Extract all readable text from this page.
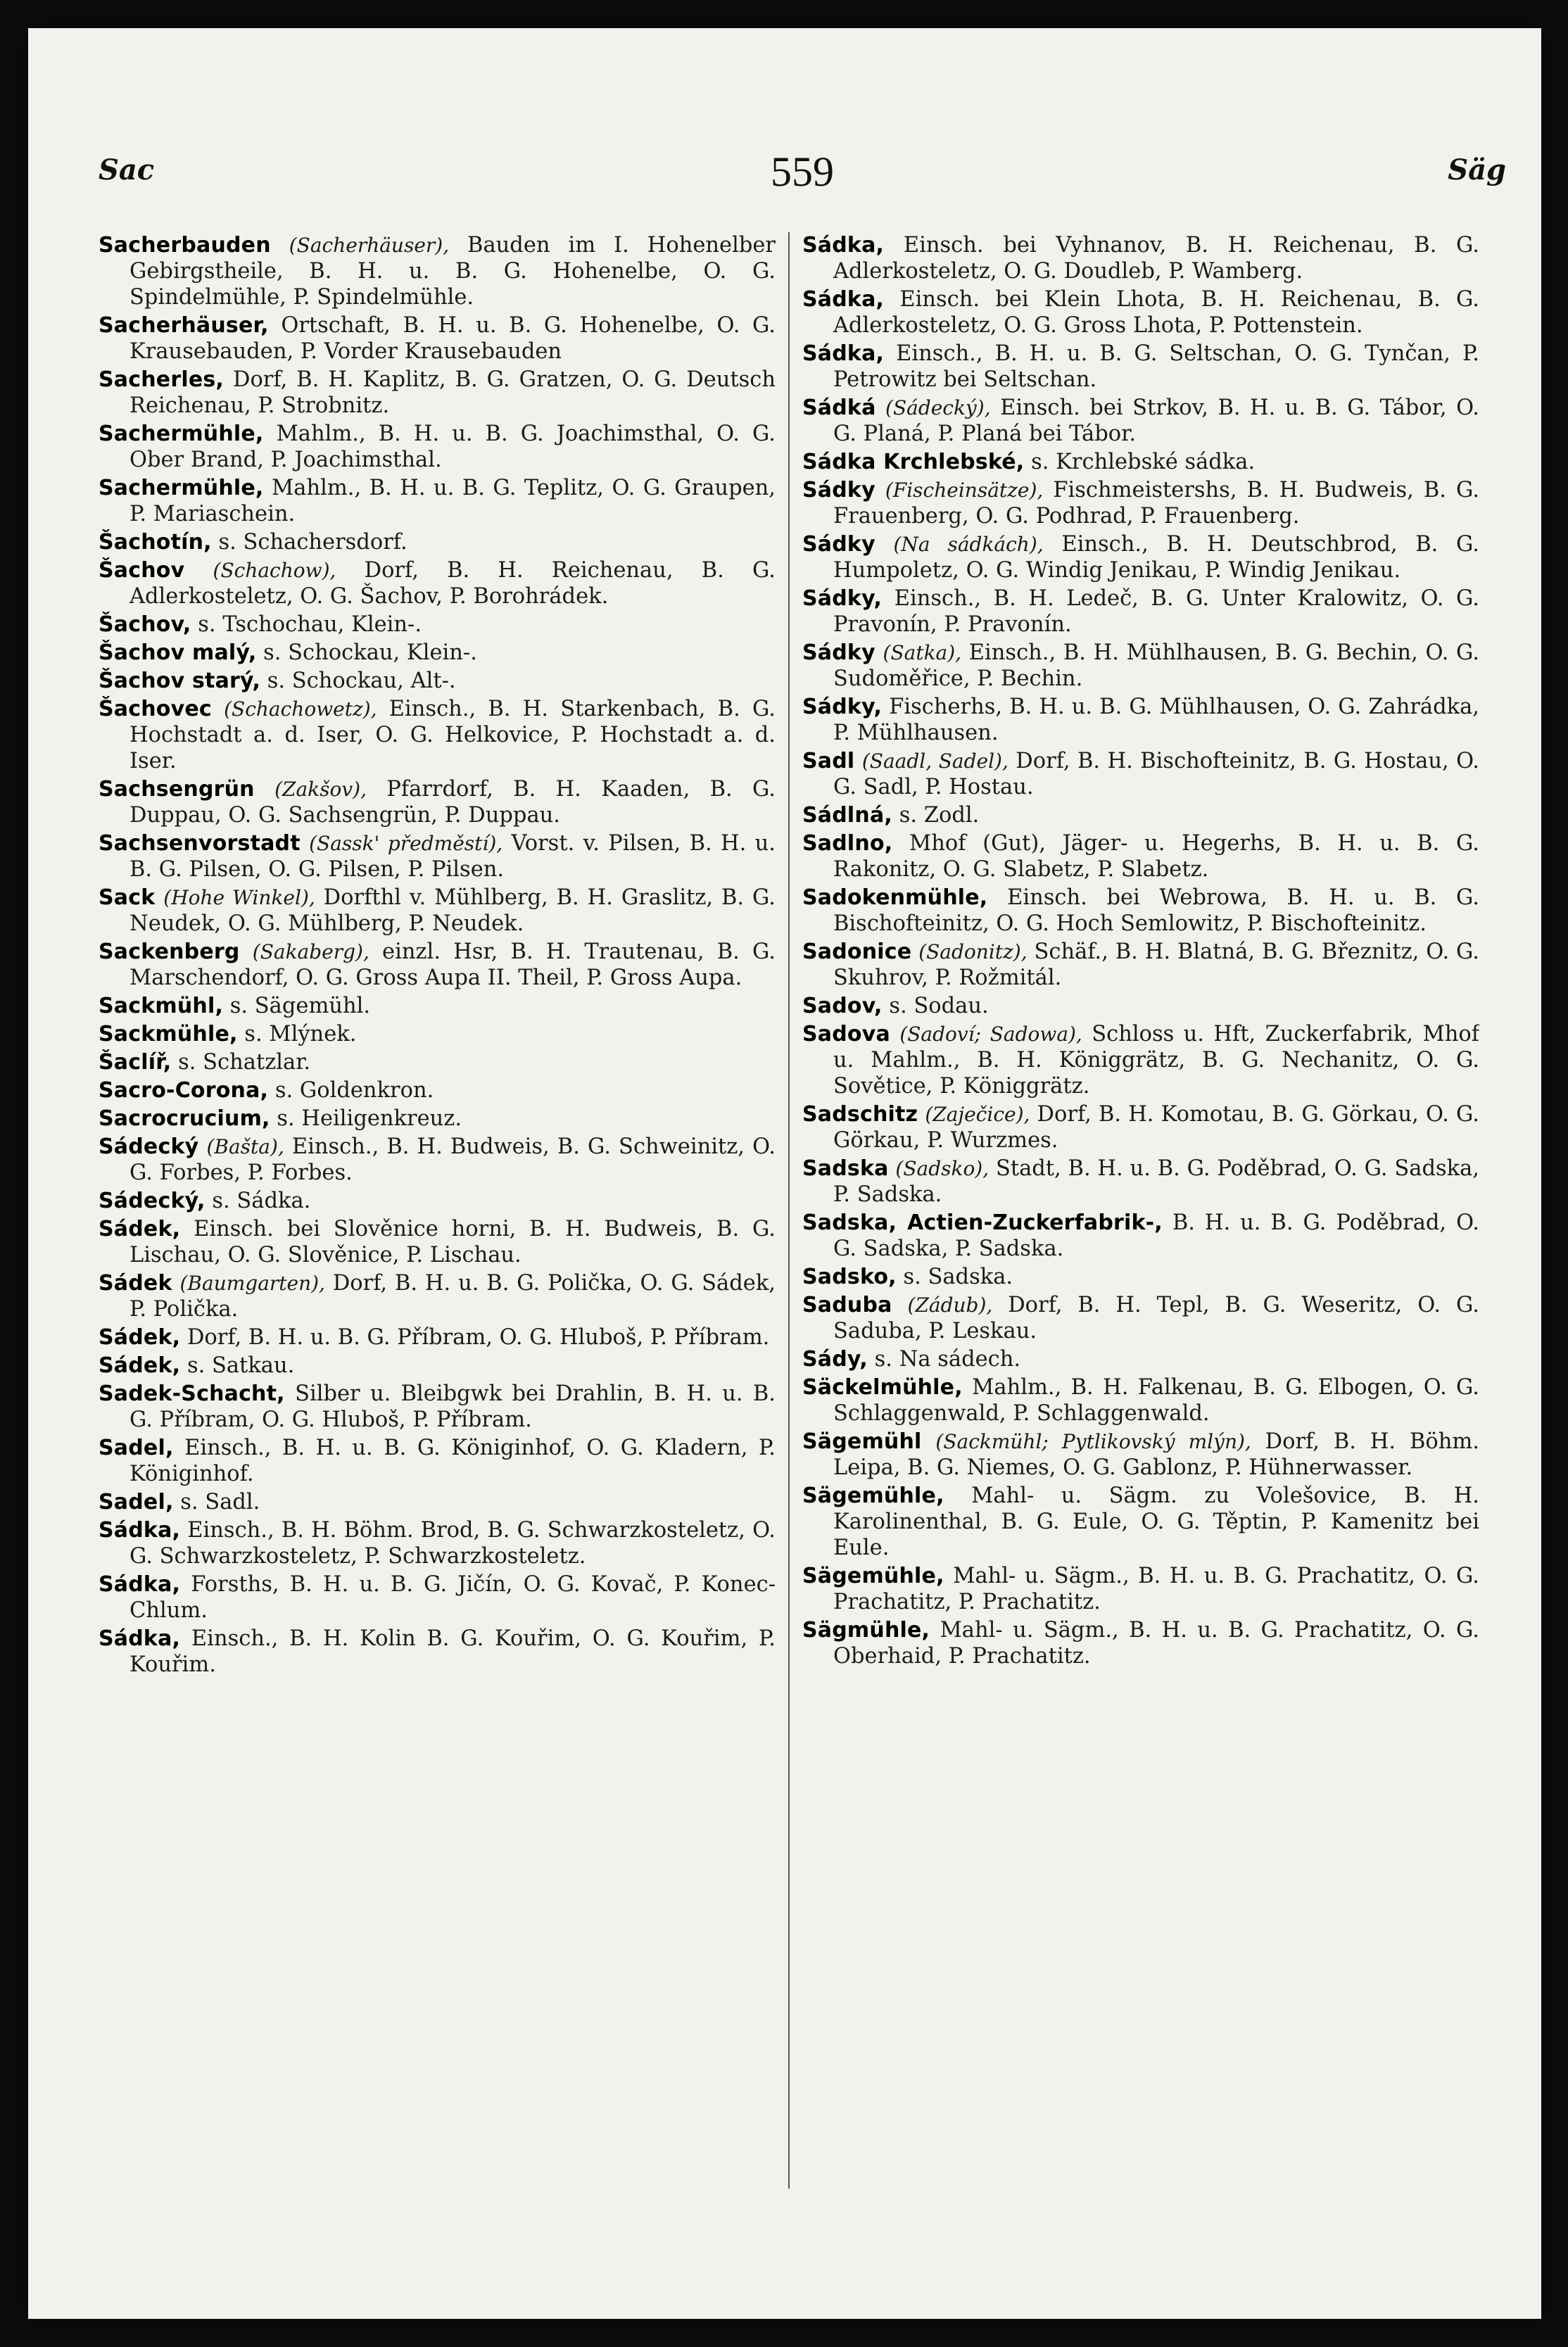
Sac	559	Säg

Sacherbauden (Sacherhäuser), Bauden im I. Hohenelber Gebirgstheile, B. H. u. B. G. Hohenelbe, O. G. Spindelmühle, P. Spindelmühle.

Sacherhäuser, Ortschaft, B. H. u. B. G. Hohenelbe, O. G. Krausebauden, P. Vorder Krausebauden

Sacherles, Dorf, B. H. Kaplitz, B. G. Gratzen, O. G. Deutsch Reichenau, P. Strobnitz.

Sachermühle, Mahlm., B. H. u. B. G. Joachimsthal, O. G. Ober Brand, P. Joachimsthal.

Sachermühle, Mahlm., B. H. u. B. G. Teplitz, O. G. Graupen, P. Mariaschein.

Šachotín, s. Schachersdorf.

Šachov (Schachow), Dorf, B. H. Reichenau, B. G. Adlerkosteletz, O. G. Šachov, P. Borohrádek.

Šachov, s. Tschochau, Klein-.

Šachov malý, s. Schockau, Klein-.

Šachov starý, s. Schockau, Alt-.

Šachovec (Schachowetz), Einsch., B. H. Starkenbach, B. G. Hochstadt a. d. Iser, O. G. Helkovice, P. Hochstadt a. d. Iser.

Sachsengrün (Zakšov), Pfarrdorf, B. H. Kaaden, B. G. Duppau, O. G. Sachsengrün, P. Duppau.

Sachsenvorstadt (Sassk' předměstí), Vorst. v. Pilsen, B. H. u. B. G. Pilsen, O. G. Pilsen, P. Pilsen.

Sack (Hohe Winkel), Dorfthl v. Mühlberg, B. H. Graslitz, B. G. Neudek, O. G. Mühlberg, P. Neudek.

Sackenberg (Sakaberg), einzl. Hsr, B. H. Trautenau, B. G. Marschendorf, O. G. Gross Aupa II. Theil, P. Gross Aupa.

Sackmühl, s. Sägemühl.

Sackmühle, s. Mlýnek.

Šaclíř, s. Schatzlar.

Sacro-Corona, s. Goldenkron.

Sacrocrucium, s. Heiligenkreuz.

Sádecký (Bašta), Einsch., B. H. Budweis, B. G. Schweinitz, O. G. Forbes, P. Forbes.

Sádecký, s. Sádka.

Sádek, Einsch. bei Slověnice horni, B. H. Budweis, B. G. Lischau, O. G. Slověnice, P. Lischau.

Sádek (Baumgarten), Dorf, B. H. u. B. G. Polička, O. G. Sádek, P. Polička.

Sádek, Dorf, B. H. u. B. G. Příbram, O. G. Hluboš, P. Příbram.

Sádek, s. Satkau.

Sadek-Schacht, Silber u. Bleibgwk bei Drahlin, B. H. u. B. G. Příbram, O. G. Hluboš, P. Příbram.

Sadel, Einsch., B. H. u. B. G. Königinhof, O. G. Kladern, P. Königinhof.

Sadel, s. Sadl.

Sádka, Einsch., B. H. Böhm. Brod, B. G. Schwarzkosteletz, O. G. Schwarzkosteletz, P. Schwarzkosteletz.

Sádka, Forsths, B. H. u. B. G. Jičín, O. G. Kovač, P. Konec-Chlum.

Sádka, Einsch., B. H. Kolin B. G. Kouřim, O. G. Kouřim, P. Kouřim.

Sádka, Einsch. bei Vyhnanov, B. H. Reichenau, B. G. Adlerkosteletz, O. G. Doudleb, P. Wamberg.

Sádka, Einsch. bei Klein Lhota, B. H. Reichenau, B. G. Adlerkosteletz, O. G. Gross Lhota, P. Pottenstein.

Sádka, Einsch., B. H. u. B. G. Seltschan, O. G. Tynčan, P. Petrowitz bei Seltschan.

Sádká (Sádecký), Einsch. bei Strkov, B. H. u. B. G. Tábor, O. G. Planá, P. Planá bei Tábor.

Sádka Krchlebské, s. Krchlebské sádka.

Sádky (Fischeinsätze), Fischmeistershs, B. H. Budweis, B. G. Frauenberg, O. G. Podhrad, P. Frauenberg.

Sádky (Na sádkách), Einsch., B. H. Deutschbrod, B. G. Humpoletz, O. G. Windig Jenikau, P. Windig Jenikau.

Sádky, Einsch., B. H. Ledeč, B. G. Unter Kralowitz, O. G. Pravonín, P. Pravonín.

Sádky (Satka), Einsch., B. H. Mühlhausen, B. G. Bechin, O. G. Sudoměřice, P. Bechin.

Sádky, Fischerhs, B. H. u. B. G. Mühlhausen, O. G. Zahrádka, P. Mühlhausen.

Sadl (Saadl, Sadel), Dorf, B. H. Bischofteinitz, B. G. Hostau, O. G. Sadl, P. Hostau.

Sádlná, s. Zodl.

Sadlno, Mhof (Gut), Jäger- u. Hegerhs, B. H. u. B. G. Rakonitz, O. G. Slabetz, P. Slabetz.

Sadokenmühle, Einsch. bei Webrowa, B. H. u. B. G. Bischofteinitz, O. G. Hoch Semlowitz, P. Bischofteinitz.

Sadonice (Sadonitz), Schäf., B. H. Blatná, B. G. Březnitz, O. G. Skuhrov, P. Rožmitál.

Sadov, s. Sodau.

Sadova (Sadoví; Sadowa), Schloss u. Hft, Zuckerfabrik, Mhof u. Mahlm., B. H. Königgrätz, B. G. Nechanitz, O. G. Sovětice, P. Königgrätz.

Sadschitz (Zaječice), Dorf, B. H. Komotau, B. G. Görkau, O. G. Görkau, P. Wurzmes.

Sadska (Sadsko), Stadt, B. H. u. B. G. Poděbrad, O. G. Sadska, P. Sadska.

Sadska, Actien-Zuckerfabrik-, B. H. u. B. G. Poděbrad, O. G. Sadska, P. Sadska.

Sadsko, s. Sadska.

Saduba (Zádub), Dorf, B. H. Tepl, B. G. Weseritz, O. G. Saduba, P. Leskau.

Sády, s. Na sádech.

Säckelmühle, Mahlm., B. H. Falkenau, B. G. Elbogen, O. G. Schlaggenwald, P. Schlaggenwald.

Sägemühl (Sackmühl; Pytlikovský mlýn), Dorf, B. H. Böhm. Leipa, B. G. Niemes, O. G. Gablonz, P. Hühnerwasser.

Sägemühle, Mahl- u. Sägm. zu Volešovice, B. H. Karolinenthal, B. G. Eule, O. G. Těptin, P. Kamenitz bei Eule.

Sägemühle, Mahl- u. Sägm., B. H. u. B. G. Prachatitz, O. G. Prachatitz, P. Prachatitz.

Sägmühle, Mahl- u. Sägm., B. H. u. B. G. Prachatitz, O. G. Oberhaid, P. Prachatitz.
